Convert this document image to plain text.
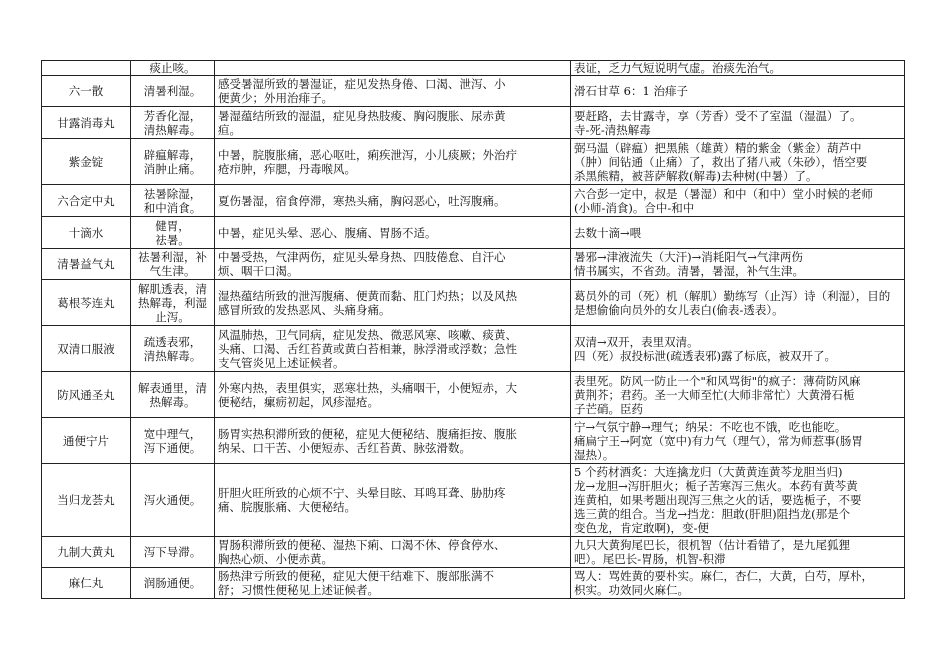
	痰止咳。		表证，乏力气短说明气虚。治痰先治气。

六一散	清暑利湿。	感受暑湿所致的暑湿证，症见发热身倦、口渴、泄泻、小
便黄少；外用治痱子。	滑石甘草 6：1 治痱子

甘露消毒丸	芳香化湿，
清热解毒。	暑湿蕴结所致的湿温，症见身热肢痠、胸闷腹胀、尿赤黄
疸。	要赶路，去甘露寺，享（芳香）受不了室温（湿温）了。
寺-死-清热解毒

紫金锭	辟瘟解毒，
消肿止痛。	中暑，脘腹胀痛，恶心呕吐，痢疾泄泻，小儿痰厥；外治疔
疮疖肿，痄腮，丹毒喉风。	弼马温（辟瘟）把黑熊（雄黄）精的紫金（紫金）葫芦中
（肿）间钻通（止痛）了，救出了猪八戒（朱砂），悟空要
杀黑熊精，被菩萨解救(解毒)去种树(中暑）了。

六合定中丸	祛暑除湿，
和中消食。	夏伤暑湿，宿食停滞，寒热头痛，胸闷恶心，吐泻腹痛。	六合彭一定中，叔是（暑湿）和中（和中）堂小时候的老师
(小师-消食)。合中-和中

十滴水	健胃，
祛暑。	中暑，症见头晕、恶心、腹痛、胃肠不适。	去数十滴→喂

清暑益气丸	祛暑利湿，补
气生津。	中暑受热，气津两伤，症见头晕身热、四肢倦怠、自汗心
烦、咽干口渴。	暑邪→津液流失（大汗)→消耗阳气→气津两伤
情书属实，不省劲。清暑，暑湿，补气生津。

葛根芩连丸	解肌透表，清
热解毒，利湿
止泻。	湿热蕴结所致的泄泻腹痛、便黄而黏、肛门灼热；以及风热
感冒所致的发热恶风、头痛身痛。	葛员外的司（死）机（解肌）勤练写（止泻）诗（利湿），目的
是想偷偷向员外的女儿表白(偷表-透表）。

双清口服液	疏透表邪，
清热解毒。	风温肺热，卫气同病，症见发热、微恶风寒、咳嗽、痰黄、
头痛、口渴、舌红苔黄或黄白苔相兼，脉浮滑或浮数；急性
支气管炎见上述证候者。	双清→双开，表里双清。
四（死）叔投标泄(疏透表邪)露了标底，被双开了。

防风通圣丸	解表通里，清
热解毒。	外寒内热，表里俱实，恶寒壮热，头痛咽干，小便短赤，大
便秘结，瘰疬初起，风疹湿疮。	表里死。防风一防止一个"和风骂街"的疯子：薄荷防风麻
黄荆芥；君药。圣一大师至忙(大师非常忙）大黄滑石栀
子芒硝。臣药

通便宁片	宽中理气，
泻下通便。	肠胃实热积滞所致的便秘，症见大便秘结、腹痛拒按、腹胀
纳呆、口干苦、小便短赤、舌红苔黄、脉弦滑数。	宁→气氛宁静→理气；纳呆：不吃也不饿，吃也能吃。
痛扁宁王→阿宽（宽中)有力气（理气），常为师惹事(肠胃
湿热）。

当归龙荟丸	泻火通便。	肝胆火旺所致的心烦不宁、头晕目眩、耳鸣耳聋、胁肋疼
痛、脘腹胀痛、大便秘结。	5 个药材酒炙：大连擒龙归（大黄黄连黄芩龙胆当归)
龙→龙胆→泻肝胆火；栀子苦寒泻三焦火。本药有黄芩黄
连黄柏，如果考题出现泻三焦之火的话，要选栀子，不要
选三黄的组合。当龙→挡龙：胆敢(肝胆)阻挡龙(那是个
变色龙，肯定敢啊)，变-便

九制大黄丸	泻下导滞。	胃肠积滞所致的便秘、湿热下痢、口渴不休、停食停水、
胸热心烦、小便赤黄。	九只大黄狗尾巴长，很机智（估计看错了，是九尾狐狸
吧）。尾巴长-胃肠，机智-积滞

麻仁丸	润肠通便。	肠热津亏所致的便秘，症见大便干结难下、腹部胀满不
舒；习惯性便秘见上述证候者。	骂人：骂姓黄的要朴实。麻仁，杏仁，大黄，白芍，厚朴，
枳实。功效同火麻仁。
